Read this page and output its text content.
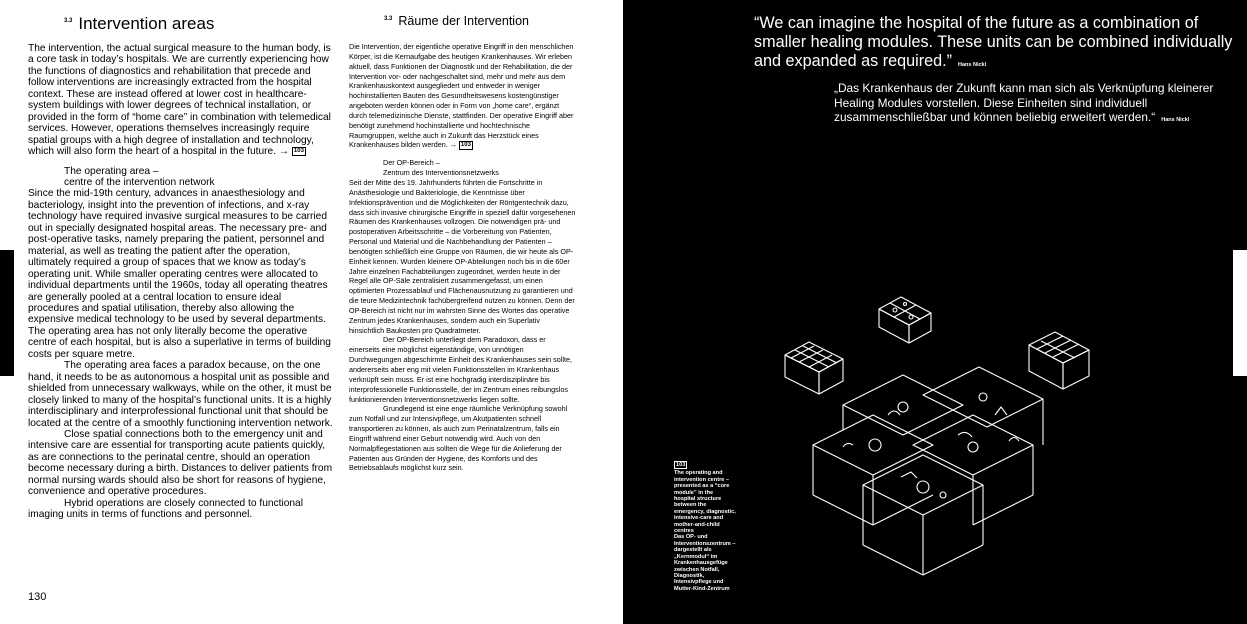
$^{3.3}$ Intervention areas	$^{3.3}$ Räume der Intervention

The intervention, the actual surgical measure to the human body, is a core task in today’s hospitals. We are currently experiencing how the functions of diagnostics and rehabilitation that precede and follow interventions are increasingly extracted from the hospital context. These are instead offered at lower cost in healthcare-system buildings with lower degrees of technical installation, or provided in the form of “home care” in combination with telemedical services. However, operations themselves increasingly require spatial groups with a high degree of installation and technology, which will also form the heart of a hospital in the future. → 103

The operating area –
centre of the intervention network

Since the mid-19th century, advances in anaesthesiology and bacteriology, insight into the prevention of infections, and x-ray technology have required invasive surgical measures to be carried out in specially designated hospital areas. The necessary pre- and post-operative tasks, namely preparing the patient, personnel and material, as well as treating the patient after the operation, ultimately required a group of spaces that we know as today’s operating unit. While smaller operating centres were allocated to individual departments until the 1960s, today all operating theatres are generally pooled at a central location to ensure ideal procedures and spatial utilisation, thereby also allowing the expensive medical technology to be used by several departments. The operating area has not only literally become the operative centre of each hospital, but is also a superlative in terms of building costs per square metre.

The operating area faces a paradox because, on the one hand, it needs to be as autonomous a hospital unit as possible and shielded from unnecessary walkways, while on the other, it must be closely linked to many of the hospital’s functional units. It is a highly interdisciplinary and interprofessional functional unit that should be located at the centre of a smoothly functioning intervention network.

Close spatial connections both to the emergency unit and intensive care are essential for transporting acute patients quickly, as are connections to the perinatal centre, should an operation become necessary during a birth. Distances to deliver patients from normal nursing wards should also be short for reasons of hygiene, convenience and operative procedures.

Hybrid operations are closely connected to functional imaging units in terms of functions and personnel.

Die Intervention, der eigentliche operative Eingriff in den menschlichen Körper, ist die Kernaufgabe des heutigen Krankenhauses. Wir erleben aktuell, dass Funktionen der Diagnostik und der Rehabilitation, die der Intervention vor- oder nachgeschaltet sind, mehr und mehr aus dem Krankenhauskontext ausgegliedert und entweder in weniger hochinstallierten Bauten des Gesundheitswesens kostengünstiger angeboten werden können oder in Form von „home care“, ergänzt durch telemedizinische Dienste, stattfinden. Der operative Eingriff aber benötigt zunehmend hochinstallierte und hochtechnische Raumgruppen, welche auch in Zukunft das Herzstück eines Krankenhauses bilden werden. → 103

Der OP-Bereich –
Zentrum des Interventionsnetzwerks

Seit der Mitte des 19. Jahrhunderts führten die Fortschritte in Anästhesiologie und Bakteriologie, die Kenntnisse über Infektionsprävention und die Möglichkeiten der Röntgentechnik dazu, dass sich invasive chirurgische Eingriffe in speziell dafür vorgesehenen Räumen des Krankenhauses vollzogen. Die notwendigen prä- und postoperativen Arbeitsschritte – die Vorbereitung von Patienten, Personal und Material und die Nachbehandlung der Patienten – benötigten schließlich eine Gruppe von Räumen, die wir heute als OP-Einheit kennen. Wurden kleinere OP-Abteilungen noch bis in die 60er Jahre einzelnen Fachabteilungen zugeordnet, werden heute in der Regel alle OP-Säle zentralisiert zusammengefasst, um einen optimierten Prozessablauf und Flächenausnutzung zu garantieren und die teure Medizintechnik fachübergreifend nutzen zu können. Denn der OP-Bereich ist nicht nur im wahrsten Sinne des Wortes das operative Zentrum jedes Krankenhauses, sondern auch ein Superlativ hinsichtlich Baukosten pro Quadratmeter.

Der OP-Bereich unterliegt dem Paradoxon, dass er einerseits eine möglichst eigenständige, von unnötigen Durchwegungen abgeschirmte Einheit des Krankenhauses sein sollte, andererseits aber eng mit vielen Funktionsstellen im Krankenhaus verknüpft sein muss. Er ist eine hochgradig interdisziplinäre bis interprofessionelle Funktionsstelle, der im Zentrum eines reibungslos funktionierenden Interventionsnetzwerks liegen sollte.

Grundlegend ist eine enge räumliche Verknüpfung sowohl zum Notfall und zur Intensivpflege, um Akutpatienten schnell transportieren zu können, als auch zum Perinatalzentrum, falls ein Eingriff während einer Geburt notwendig wird. Auch von den Normalpflegestationen aus sollten die Wege für die Anlieferung der Patienten aus Gründen der Hygiene, des Komforts und des Betriebsablaufs möglichst kurz sein.

130
“We can imagine the hospital of the future as a combination of smaller healing modules. These units can be combined individually and expanded as required.” Hans Nickl
„Das Krankenhaus der Zukunft kann man sich als Verknüpfung kleinerer Healing Modules vorstellen. Diese Einheiten sind individuell zusammenschließbar und können beliebig erweitert werden.“ Hans Nickl
103

The operating and intervention centre – presented as a “core module” in the hospital structure between the emergency, diagnostic, intensive-care and mother-and-child centres

Das OP- und Interventionszentrum – dargestellt als „Kernmodul“ im Krankenhausgefüge zwischen Notfall, Diagnostik, Intensivpflege und Mutter-Kind-Zentrum
